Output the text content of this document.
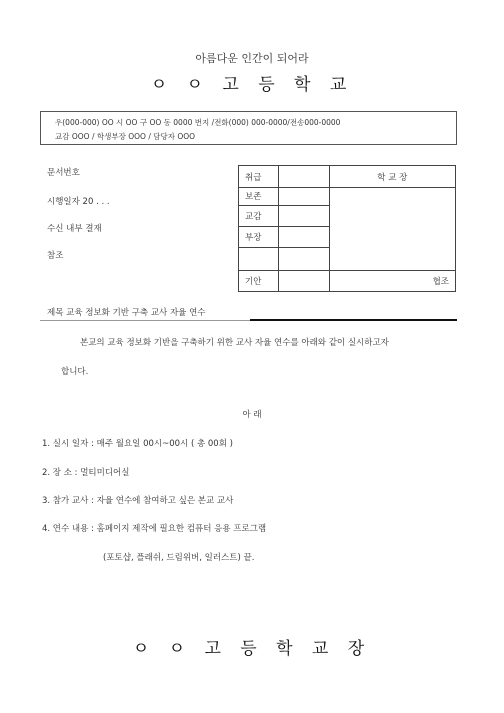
아름다운 인간이 되어라
ㅇ ㅇ 고 등 학 교
우(000-000) OO 시 OO 구 OO 동 0000 번지 /전화(000) 000-0000/전송000-0000
교감 OOO / 학생부장 OOO / 담당자 OOO
문서번호
시행일자 20 . . .
수신 내부 결재
참조
취급		학 교 장
보존		
교감		
부장		

기안		협조
제목 교육 정보화 기반 구축 교사 자율 연수
본교의 교육 정보화 기반을 구축하기 위한 교사 자율 연수를 아래와 같이 실시하고자
합니다.
아 래
1. 실시 일자 : 매주 월요일 00시~00시 ( 총 00회 )
2. 장 소 : 멀티미디어실
3. 참가 교사 : 자율 연수에 참여하고 싶은 본교 교사
4. 연수 내용 : 홈페이지 제작에 필요한 컴퓨터 응용 프로그램
(포토샵, 플래쉬, 드림위버, 일러스트) 끝.
ㅇ ㅇ 고 등 학 교 장
